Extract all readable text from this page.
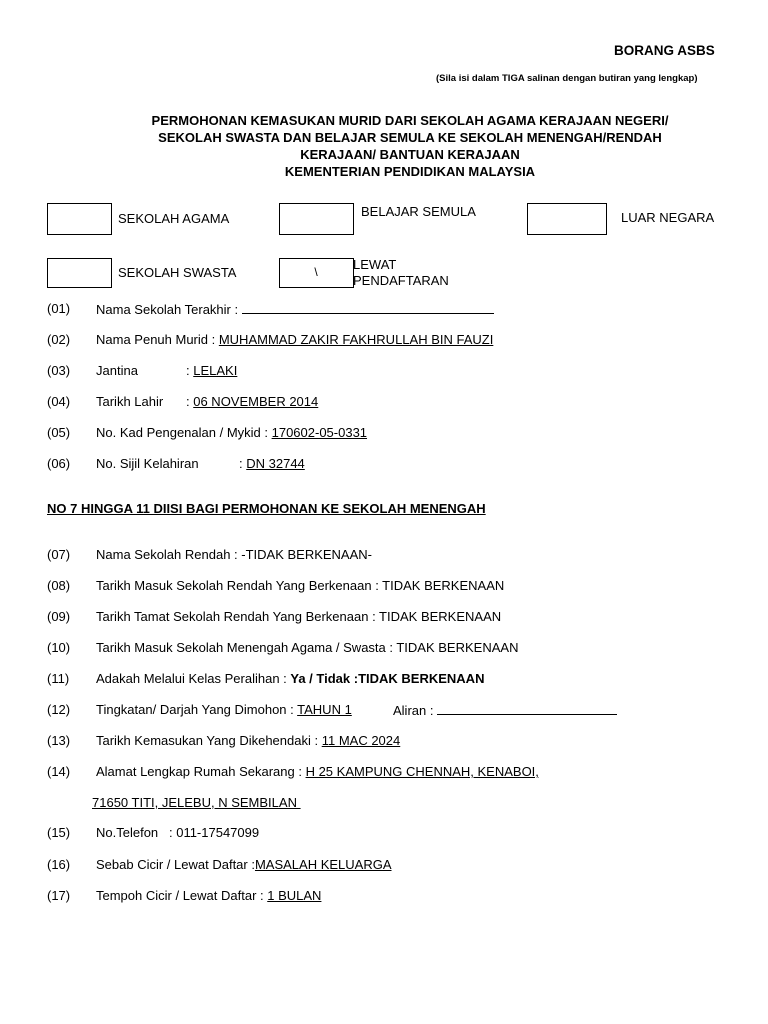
BORANG ASBS
(Sila isi dalam TIGA salinan dengan butiran yang lengkap)
PERMOHONAN KEMASUKAN MURID DARI SEKOLAH AGAMA KERAJAAN NEGERI/
SEKOLAH SWASTA DAN BELAJAR SEMULA KE SEKOLAH MENENGAH/RENDAH
KERAJAAN/ BANTUAN KERAJAAN
KEMENTERIAN PENDIDIKAN MALAYSIA
SEKOLAH AGAMA	BELAJAR SEMULA	LUAR NEGARA
SEKOLAH SWASTA	\	LEWAT
PENDAFTARAN
(01) Nama Sekolah Terakhir :
(02) Nama Penuh Murid : MUHAMMAD ZAKIR FAKHRULLAH BIN FAUZI
(03) Jantina	: LELAKI
(04) Tarikh Lahir : 06 NOVEMBER 2014
(05) No. Kad Pengenalan / Mykid : 170602-05-0331
(06) No. Sijil Kelahiran	: DN 32744
NO 7 HINGGA 11 DIISI BAGI PERMOHONAN KE SEKOLAH MENENGAH
(07) Nama Sekolah Rendah : -TIDAK BERKENAAN-
(08) Tarikh Masuk Sekolah Rendah Yang Berkenaan : TIDAK BERKENAAN
(09) Tarikh Tamat Sekolah Rendah Yang Berkenaan : TIDAK BERKENAAN
(10) Tarikh Masuk Sekolah Menengah Agama / Swasta : TIDAK BERKENAAN
(11) Adakah Melalui Kelas Peralihan : Ya / Tidak :TIDAK BERKENAAN
(12) Tingkatan/ Darjah Yang Dimohon : TAHUN 1	Aliran :
(13) Tarikh Kemasukan Yang Dikehendaki : 11 MAC 2024
(14) Alamat Lengkap Rumah Sekarang : H 25 KAMPUNG CHENNAH, KENABOI,
71650 TITI, JELEBU, N SEMBILAN
(15) No.Telefon   : 011-17547099
(16) Sebab Cicir / Lewat Daftar :MASALAH KELUARGA
(17) Tempoh Cicir / Lewat Daftar : 1 BULAN
